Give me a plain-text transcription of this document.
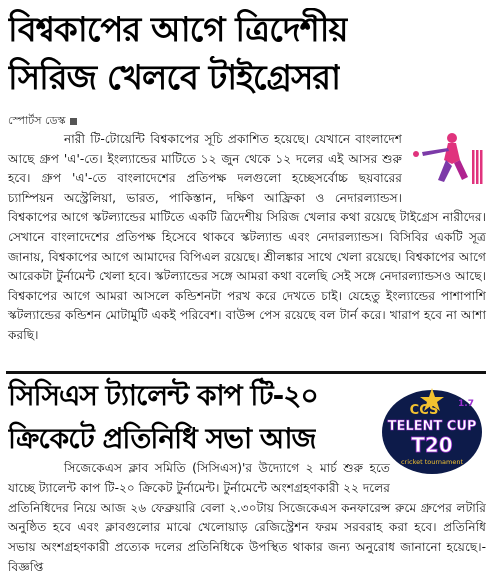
বিশ্বকাপের আগে ত্রিদেশীয়
সিরিজ খেলবে টাইগ্রেসরা
স্পোর্টস ডেস্ক
নারী টি-টোয়েন্টি বিশ্বকাপের সূচি প্রকাশিত হয়েছে। যেখানে বাংলাদেশ আছে গ্রুপ 'এ'-তে। ইংল্যান্ডের মাটিতে ১২ জুন থেকে ১২ দলের এই আসর শুরু হবে। গ্রুপ 'এ'-তে বাংলাদেশের প্রতিপক্ষ দলগুলো হচ্ছেসর্বোচ্চ ছয়বারের চ্যাম্পিয়ন অস্ট্রেলিয়া, ভারত, পাকিস্তান, দক্ষিণ আফ্রিকা ও নেদারল্যান্ডস। বিশ্বকাপের আগে স্কটল্যান্ডের মাটিতে একটি ত্রিদেশীয় সিরিজ খেলার কথা রয়েছে টাইগ্রেস নারীদের। সেখানে বাংলাদেশের প্রতিপক্ষ হিসেবে থাকবে স্কটল্যান্ড এবং নেদারল্যান্ডস। বিসিবির একটি সূত্র জানায়, বিশ্বকাপের আগে আমাদের বিপিএল রয়েছে। শ্রীলঙ্কার সাথে খেলা রয়েছে। বিশ্বকাপের আগে আরেকটা টুর্নামেন্ট খেলা হবে। স্কটল্যান্ডের সঙ্গে আমরা কথা বলেছি সেই সঙ্গে নেদারল্যান্ডসও আছে। বিশ্বকাপের আগে আমরা আসলে কন্ডিশনটা পরখ করে দেখতে চাই। যেহেতু ইংল্যান্ডের পাশাপাশি স্কটল্যান্ডের কন্ডিশন মোটামুটি একই পরিবেশ। বাউন্স পেস রয়েছে বল টার্ন করে। খারাপ হবে না আশা করছি।
সিসিএস ট্যালেন্ট কাপ টি-২০
ক্রিকেটে প্রতিনিধি সভা আজ
CCS 1.7
TELENT CUP
T20
cricket tournament
সিজেকেএস ক্লাব সমিতি (সিসিএস)'র উদ্যোগে ২ মার্চ শুরু হতে যাচ্ছে ট্যালেন্ট কাপ টি-২০ ক্রিকেট টুর্নামেন্ট। টুর্নামেন্টে অংশগ্রহণকারী ২২ দলের প্রতিনিধিদের নিয়ে আজ ২৬ ফেব্রুয়ারি বেলা ২.৩০টায় সিজেকেএস কনফারেন্স রুমে গ্রুপের লটারি অনুষ্ঠিত হবে এবং ক্লাবগুলোর মাঝে খেলোয়াড় রেজিস্ট্রেশন ফরম সরবরাহ করা হবে। প্রতিনিধি সভায় অংশগ্রহণকারী প্রত্যেক দলের প্রতিনিধিকে উপস্থিত থাকার জন্য অনুরোধ জানানো হয়েছে।-বিজ্ঞপ্তি
